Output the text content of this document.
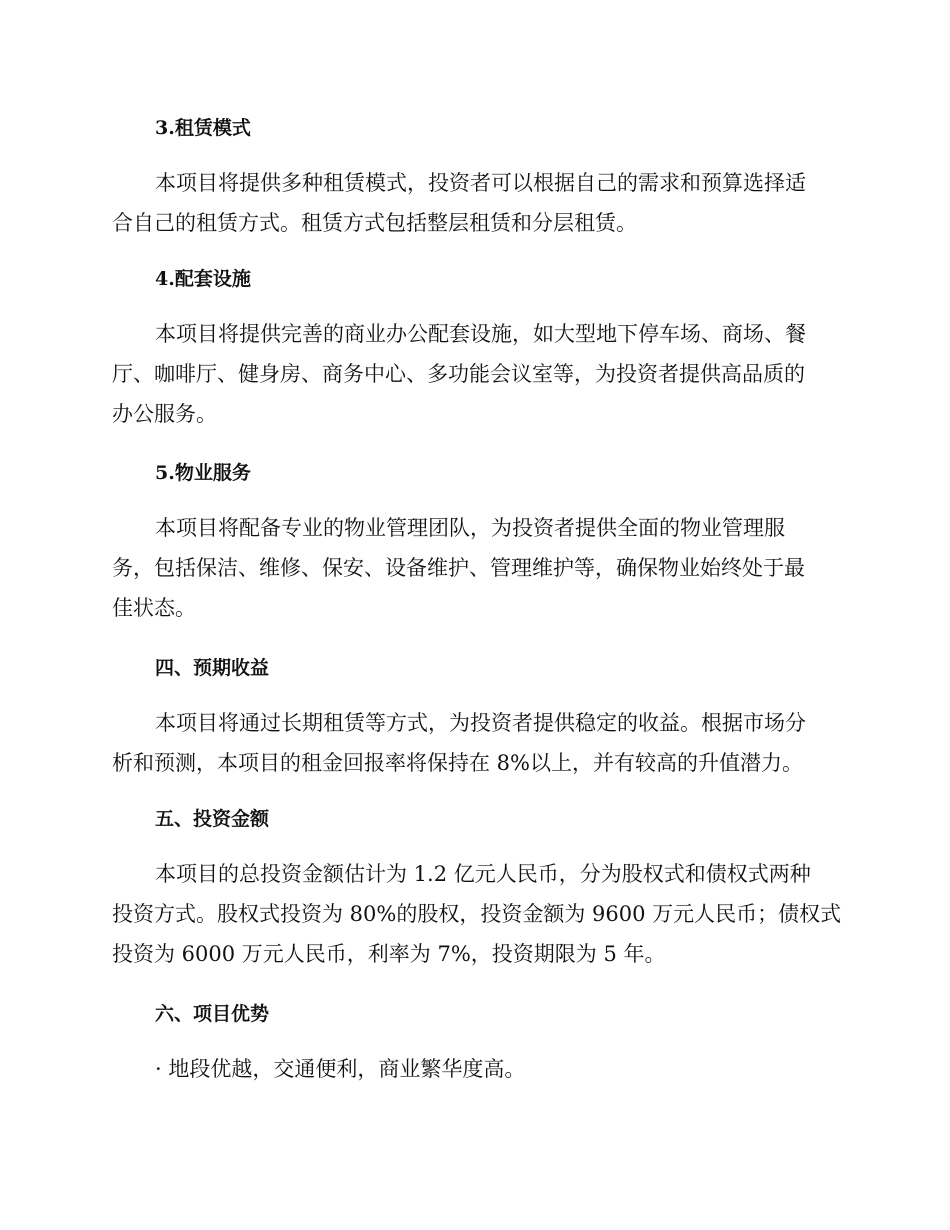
3.租赁模式
本项目将提供多种租赁模式，投资者可以根据自己的需求和预算选择适
合自己的租赁方式。租赁方式包括整层租赁和分层租赁。
4.配套设施
本项目将提供完善的商业办公配套设施，如大型地下停车场、商场、餐
厅、咖啡厅、健身房、商务中心、多功能会议室等，为投资者提供高品质的
办公服务。
5.物业服务
本项目将配备专业的物业管理团队，为投资者提供全面的物业管理服
务，包括保洁、维修、保安、设备维护、管理维护等，确保物业始终处于最
佳状态。
四、预期收益
本项目将通过长期租赁等方式，为投资者提供稳定的收益。根据市场分
析和预测，本项目的租金回报率将保持在 8%以上，并有较高的升值潜力。
五、投资金额
本项目的总投资金额估计为 1.2 亿元人民币，分为股权式和债权式两种
投资方式。股权式投资为 80%的股权，投资金额为 9600 万元人民币；债权式
投资为 6000 万元人民币，利率为 7%，投资期限为 5 年。
六、项目优势

· 地段优越，交通便利，商业繁华度高。
